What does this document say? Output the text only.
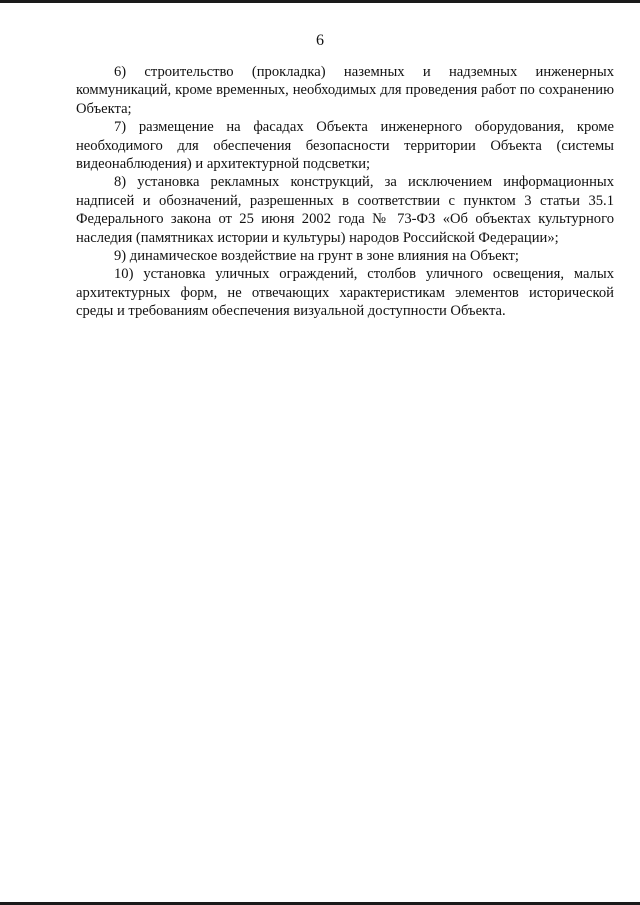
6

6) строительство (прокладка) наземных и надземных инженерных коммуникаций, кроме временных, необходимых для проведения работ по сохранению Объекта;

7) размещение на фасадах Объекта инженерного оборудования, кроме необходимого для обеспечения безопасности территории Объекта (системы видеонаблюдения) и архитектурной подсветки;

8) установка рекламных конструкций, за исключением информационных надписей и обозначений, разрешенных в соответствии с пунктом 3 статьи 35.1 Федерального закона от 25 июня 2002 года № 73-ФЗ «Об объектах культурного наследия (памятниках истории и культуры) народов Российской Федерации»;

9) динамическое воздействие на грунт в зоне влияния на Объект;

10) установка уличных ограждений, столбов уличного освещения, малых архитектурных форм, не отвечающих характеристикам элементов исторической среды и требованиям обеспечения визуальной доступности Объекта.
